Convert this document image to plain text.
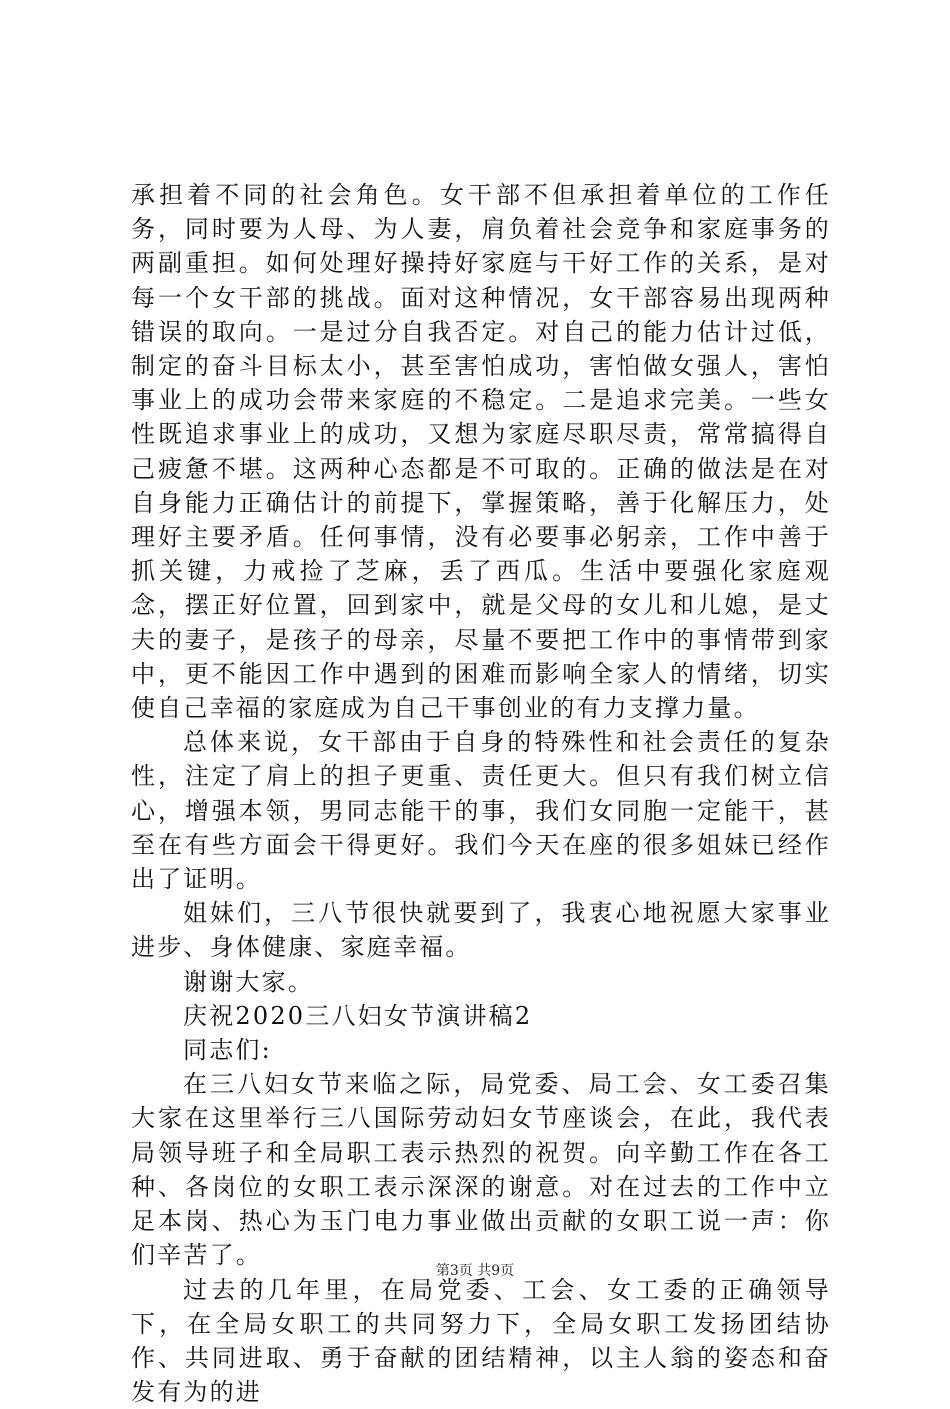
承担着不同的社会角色。女干部不但承担着单位的工作任务，同时要为人母、为人妻，肩负着社会竞争和家庭事务的两副重担。如何处理好操持好家庭与干好工作的关系，是对每一个女干部的挑战。面对这种情况，女干部容易出现两种错误的取向。一是过分自我否定。对自己的能力估计过低，制定的奋斗目标太小，甚至害怕成功，害怕做女强人，害怕事业上的成功会带来家庭的不稳定。二是追求完美。一些女性既追求事业上的成功，又想为家庭尽职尽责，常常搞得自己疲惫不堪。这两种心态都是不可取的。正确的做法是在对自身能力正确估计的前提下，掌握策略，善于化解压力，处理好主要矛盾。任何事情，没有必要事必躬亲，工作中善于抓关键，力戒捡了芝麻，丢了西瓜。生活中要强化家庭观念，摆正好位置，回到家中，就是父母的女儿和儿媳，是丈夫的妻子，是孩子的母亲，尽量不要把工作中的事情带到家中，更不能因工作中遇到的困难而影响全家人的情绪，切实使自己幸福的家庭成为自己干事创业的有力支撑力量。

总体来说，女干部由于自身的特殊性和社会责任的复杂性，注定了肩上的担子更重、责任更大。但只有我们树立信心，增强本领，男同志能干的事，我们女同胞一定能干，甚至在有些方面会干得更好。我们今天在座的很多姐妹已经作出了证明。

姐妹们，三八节很快就要到了，我衷心地祝愿大家事业进步、身体健康、家庭幸福。

谢谢大家。

庆祝2020三八妇女节演讲稿2

同志们:

在三八妇女节来临之际，局党委、局工会、女工委召集大家在这里举行三八国际劳动妇女节座谈会，在此，我代表局领导班子和全局职工表示热烈的祝贺。向辛勤工作在各工种、各岗位的女职工表示深深的谢意。对在过去的工作中立足本岗、热心为玉门电力事业做出贡献的女职工说一声：你们辛苦了。

过去的几年里，在局党委、工会、女工委的正确领导下，在全局女职工的共同努力下，全局女职工发扬团结协作、共同进取、勇于奋献的团结精神，以主人翁的姿态和奋发有为的进

第3页 共9页
